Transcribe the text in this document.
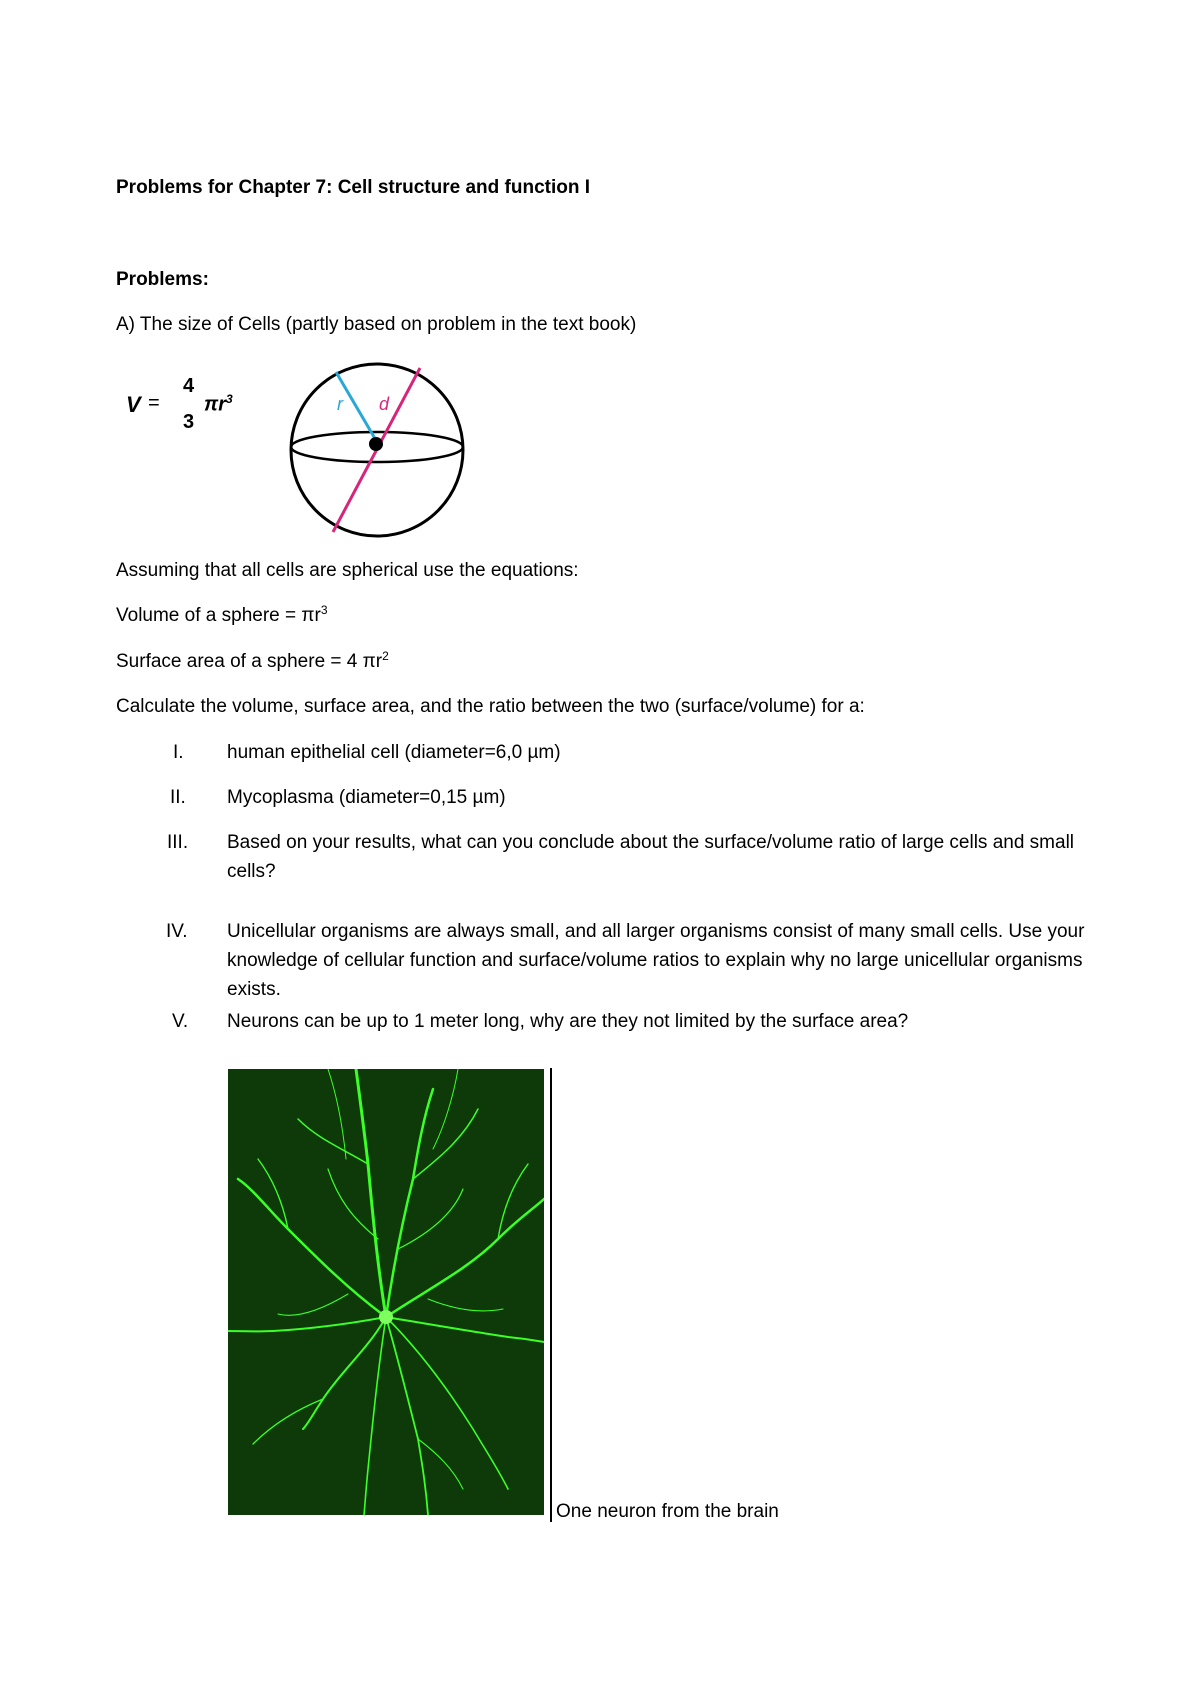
Problems for Chapter 7: Cell structure and function I
Problems:
A) The size of Cells (partly based on problem in the text book)
V =
4
3
$\pi r^3$	r d
Assuming that all cells are spherical use the equations:
Volume of a sphere = $\pi r^3$
Surface area of a sphere = 4 $\pi r^2$
Calculate the volume, surface area, and the ratio between the two (surface/volume) for a:
I. human epithelial cell (diameter=6,0 µm)
II. Mycoplasma (diameter=0,15 µm)
III. Based on your results, what can you conclude about the surface/volume ratio of large cells and small cells?
IV. Unicellular organisms are always small, and all larger organisms consist of many small cells. Use your knowledge of cellular function and surface/volume ratios to explain why no large unicellular organisms exists.
V. Neurons can be up to 1 meter long, why are they not limited by the surface area?
One neuron from the brain
